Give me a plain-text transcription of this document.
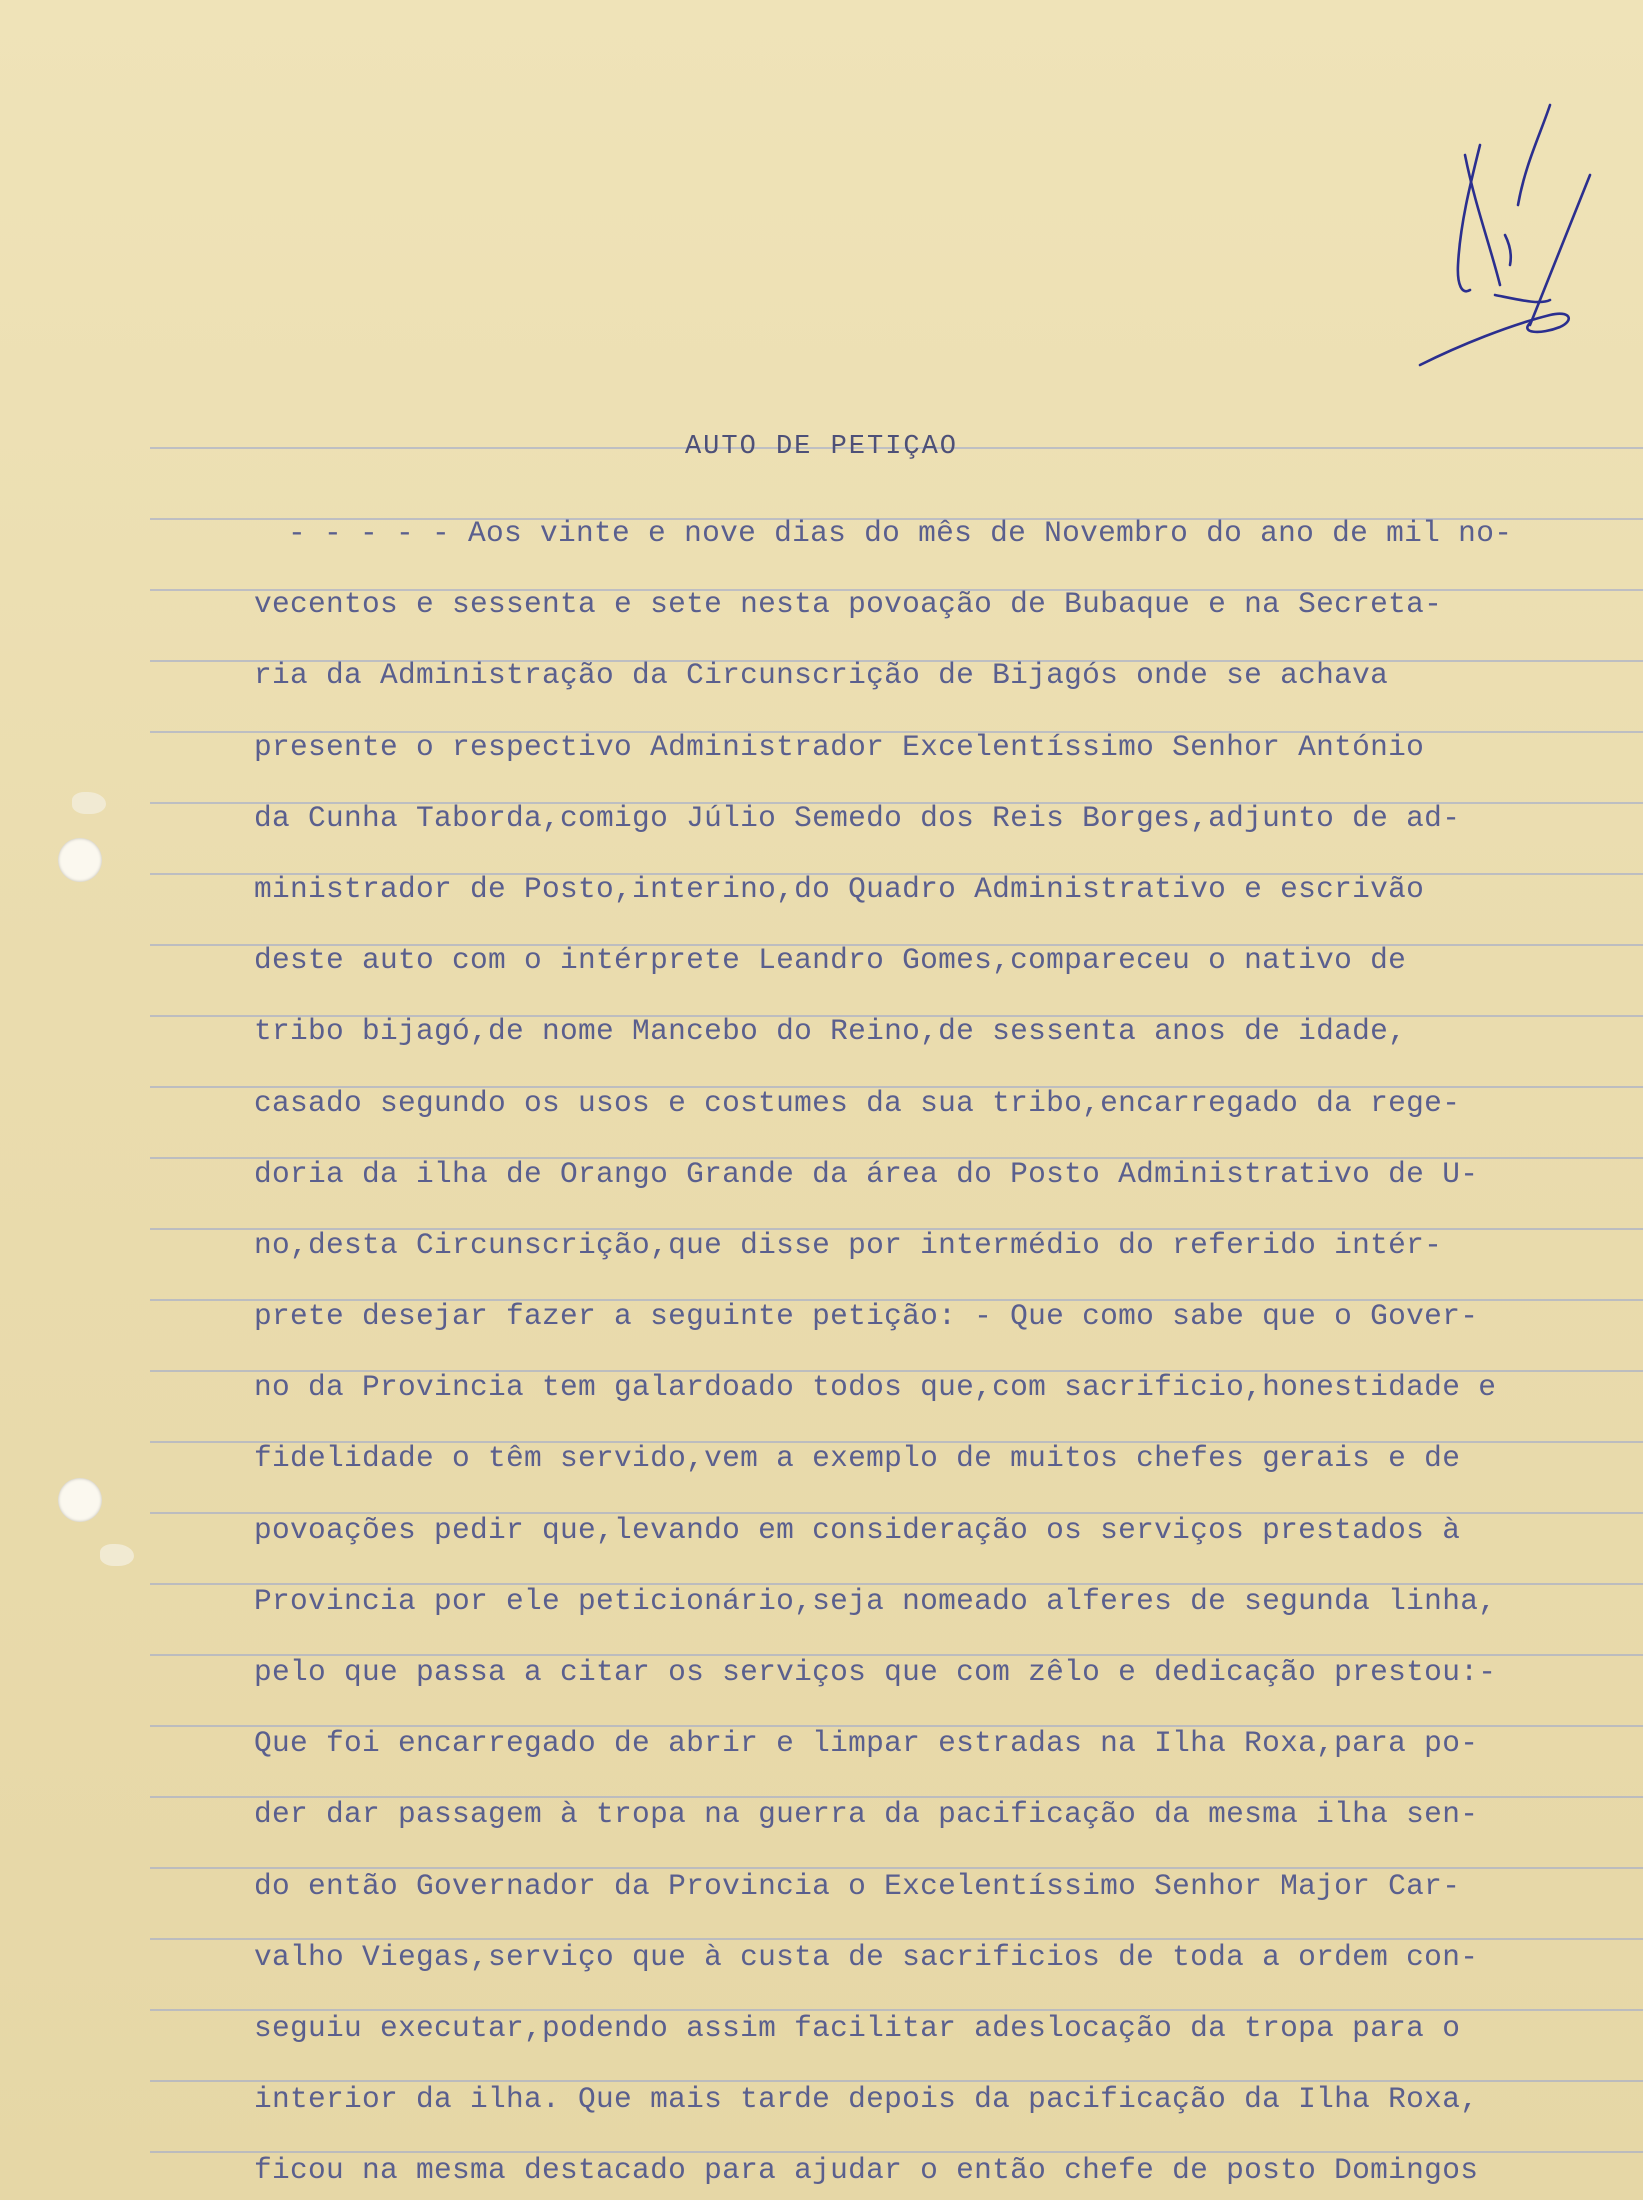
AUTO DE PETIÇAO
- - - - - Aos vinte e nove dias do mês de Novembro do ano de mil no-
vecentos e sessenta e sete nesta povoação de Bubaque e na Secreta-
ria da Administração da Circunscrição de Bijagós onde se achava
presente o respectivo Administrador Excelentíssimo Senhor António
da Cunha Taborda,comigo Júlio Semedo dos Reis Borges,adjunto de ad-
ministrador de Posto,interino,do Quadro Administrativo e escrivão
deste auto com o intérprete Leandro Gomes,compareceu o nativo de
tribo bijagó,de nome Mancebo do Reino,de sessenta anos de idade,
casado segundo os usos e costumes da sua tribo,encarregado da rege-
doria da ilha de Orango Grande da área do Posto Administrativo de U-
no,desta Circunscrição,que disse por intermédio do referido intér-
prete desejar fazer a seguinte petição: - Que como sabe que o Gover-
no da Provincia tem galardoado todos que,com sacrificio,honestidade e
fidelidade o têm servido,vem a exemplo de muitos chefes gerais e de
povoações pedir que,levando em consideração os serviços prestados à
Provincia por ele peticionário,seja nomeado alferes de segunda linha,
pelo que passa a citar os serviços que com zêlo e dedicação prestou:-
Que foi encarregado de abrir e limpar estradas na Ilha Roxa,para po-
der dar passagem à tropa na guerra da pacificação da mesma ilha sen-
do então Governador da Provincia o Excelentíssimo Senhor Major Car-
valho Viegas,serviço que à custa de sacrificios de toda a ordem con-
seguiu executar,podendo assim facilitar adeslocação da tropa para o
interior da ilha. Que mais tarde depois da pacificação da Ilha Roxa,
ficou na mesma destacado para ajudar o então chefe de posto Domingos
